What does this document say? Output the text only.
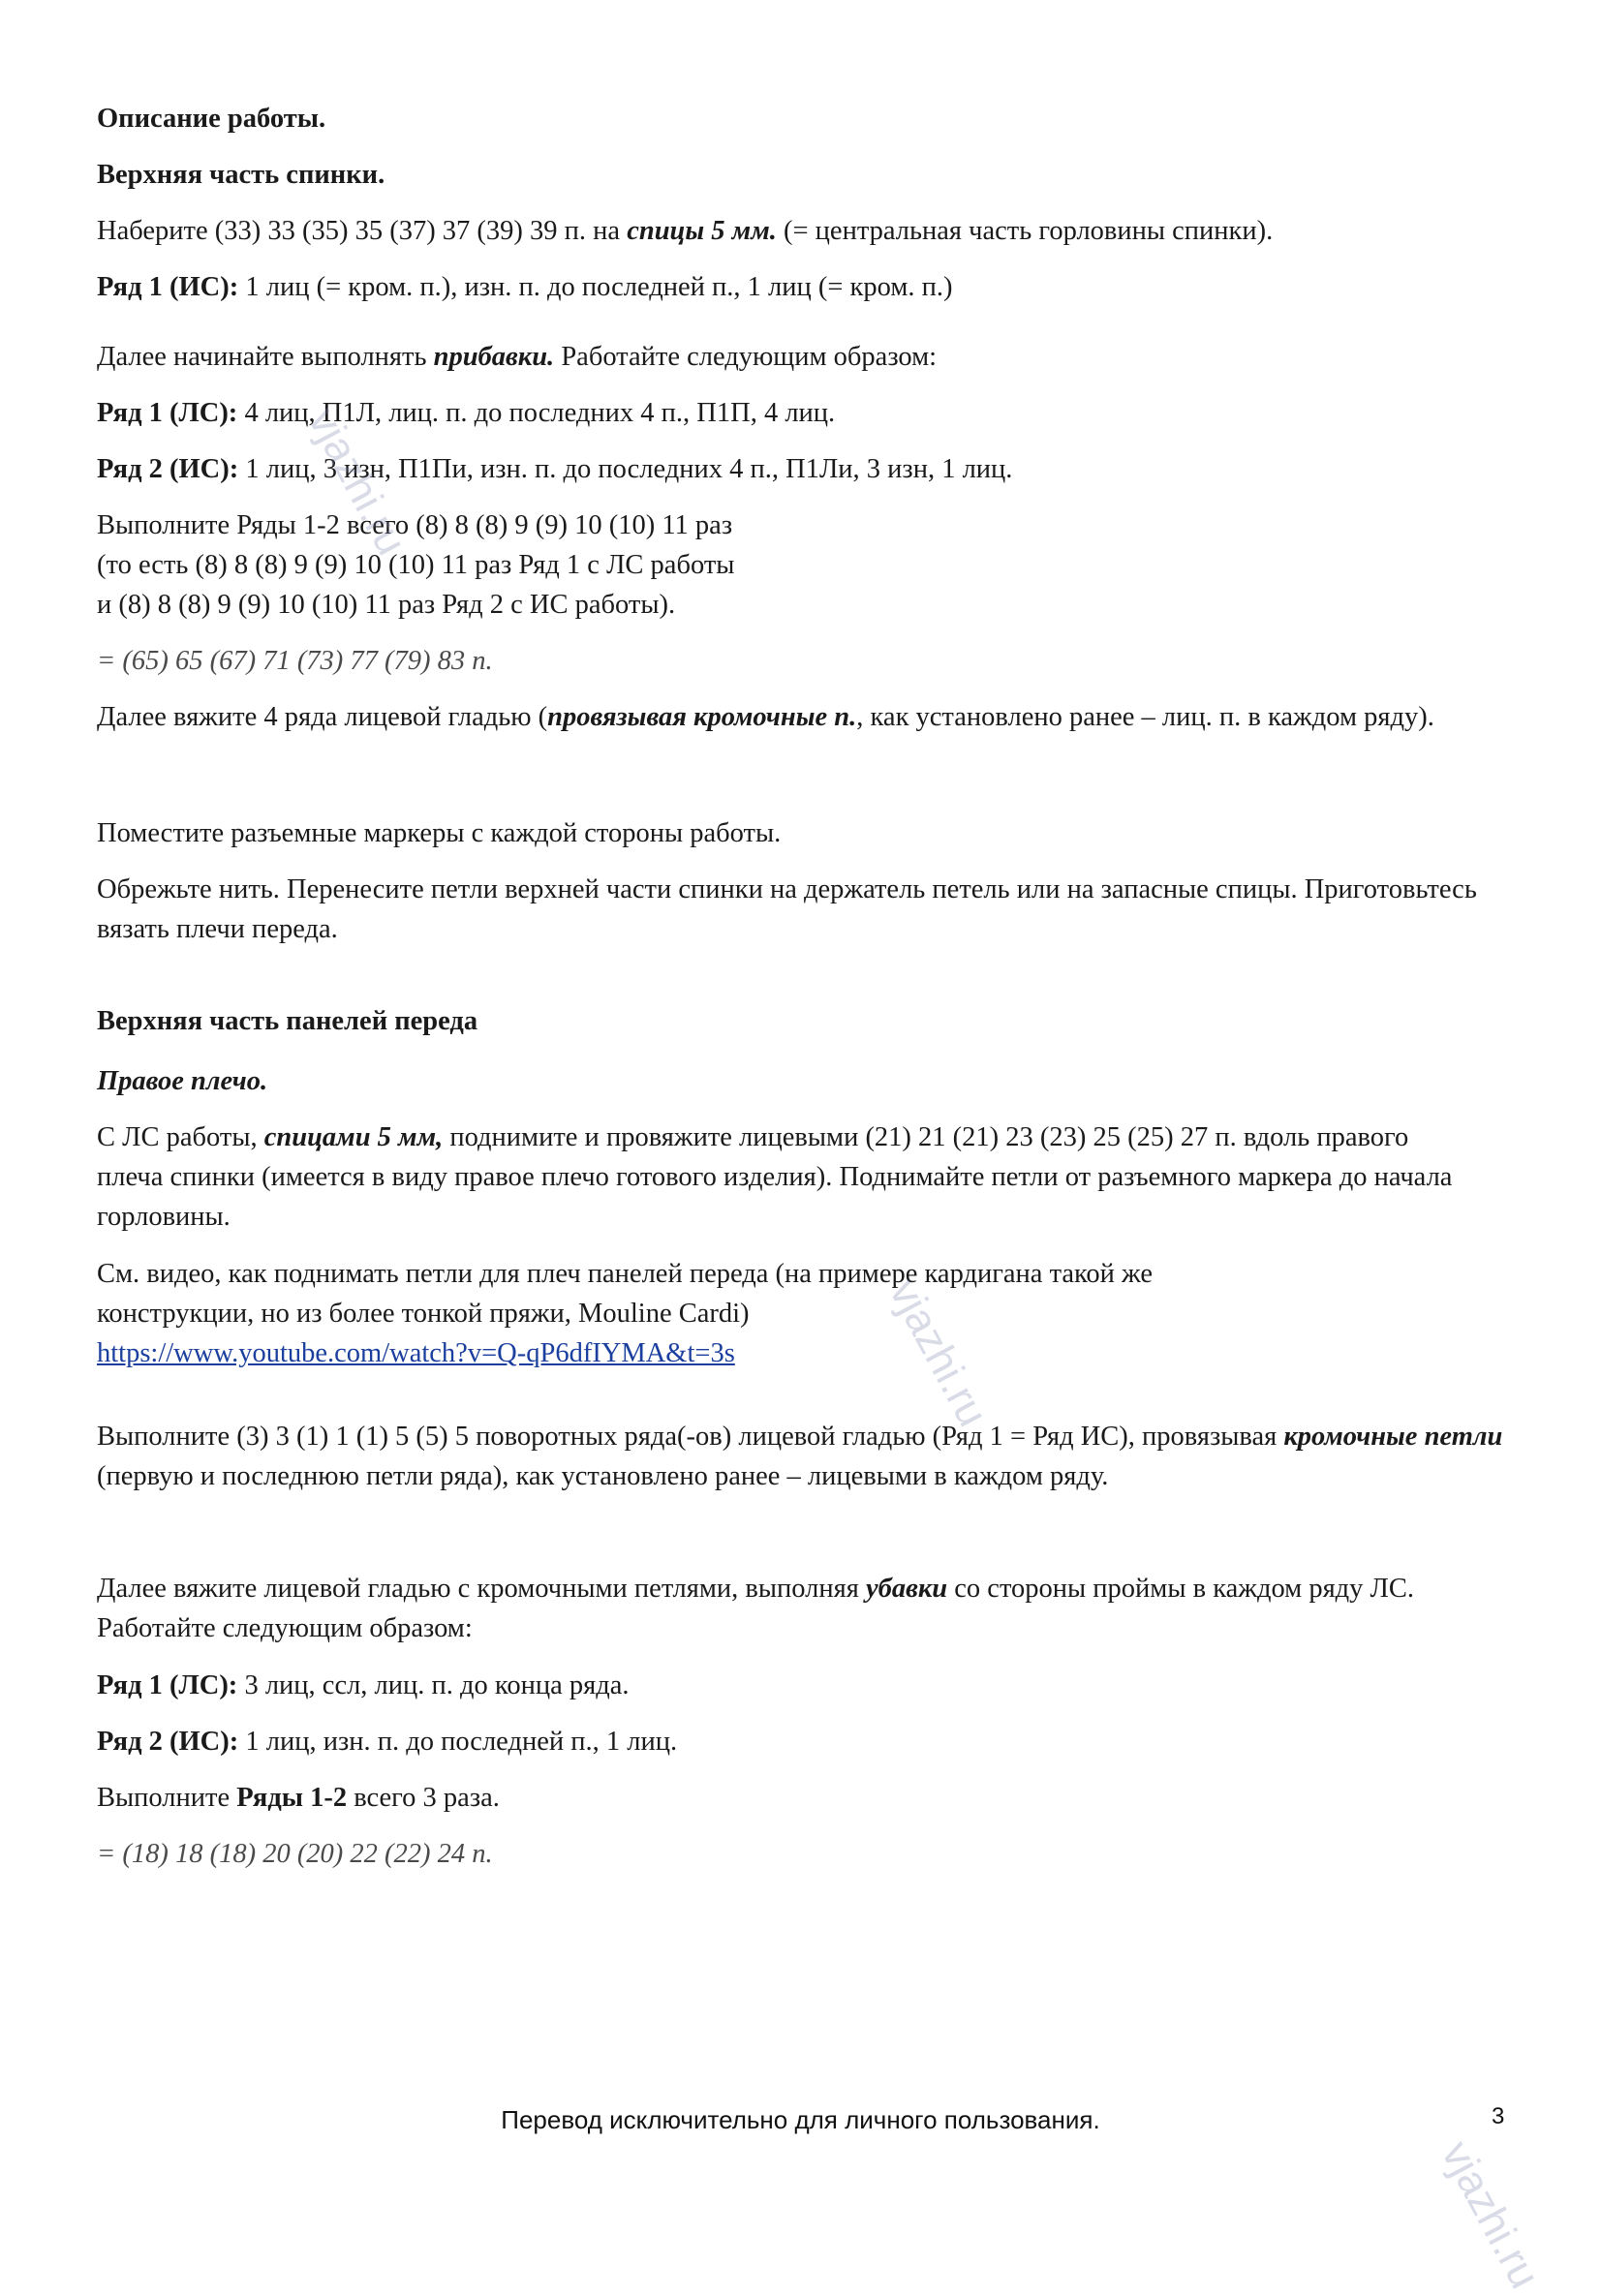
Описание работы.

Верхняя часть спинки.

Наберите (33) 33 (35) 35 (37) 37 (39) 39 п. на спицы 5 мм. (= центральная часть горловины спинки).

Ряд 1 (ИС): 1 лиц (= кром. п.), изн. п. до последней п., 1 лиц (= кром. п.)

Далее начинайте выполнять прибавки. Работайте следующим образом:

Ряд 1 (ЛС): 4 лиц, П1Л, лиц. п. до последних 4 п., П1П, 4 лиц.

Ряд 2 (ИС): 1 лиц, 3 изн, П1Пи, изн. п. до последних 4 п., П1Ли, 3 изн, 1 лиц.

Выполните Ряды 1-2 всего (8) 8 (8) 9 (9) 10 (10) 11 раз

(то есть (8) 8 (8) 9 (9) 10 (10) 11 раз Ряд 1 с ЛС работы

и (8) 8 (8) 9 (9) 10 (10) 11 раз Ряд 2 с ИС работы).

= (65) 65 (67) 71 (73) 77 (79) 83 п.

Далее вяжите 4 ряда лицевой гладью (провязывая кромочные п., как установлено ранее – лиц. п. в каждом ряду).

Поместите разъемные маркеры с каждой стороны работы.

Обрежьте нить. Перенесите петли верхней части спинки на держатель петель или на запасные спицы. Приготовьтесь вязать плечи переда.

Верхняя часть панелей переда

Правое плечо.

С ЛС работы, спицами 5 мм, поднимите и провяжите лицевыми (21) 21 (21) 23 (23) 25 (25) 27 п. вдоль правого плеча спинки (имеется в виду правое плечо готового изделия). Поднимайте петли от разъемного маркера до начала горловины.

См. видео, как поднимать петли для плеч панелей переда (на примере кардигана такой же

конструкции, но из более тонкой пряжи, Mouline Cardi)

https://www.youtube.com/watch?v=Q-qP6dfIYMA&t=3s

Выполните (3) 3 (1) 1 (1) 5 (5) 5 поворотных ряда(-ов) лицевой гладью (Ряд 1 = Ряд ИС), провязывая кромочные петли (первую и последнюю петли ряда), как установлено ранее – лицевыми в каждом ряду.

Далее вяжите лицевой гладью с кромочными петлями, выполняя убавки со стороны проймы в каждом ряду ЛС. Работайте следующим образом:

Ряд 1 (ЛС): 3 лиц, ссл, лиц. п. до конца ряда.

Ряд 2 (ИС): 1 лиц, изн. п. до последней п., 1 лиц.

Выполните Ряды 1-2 всего 3 раза.

= (18) 18 (18) 20 (20) 22 (22) 24 п.

vjazhi.ru
vjazhi.ru
vjazhi.ru
3
Перевод исключительно для личного пользования.
